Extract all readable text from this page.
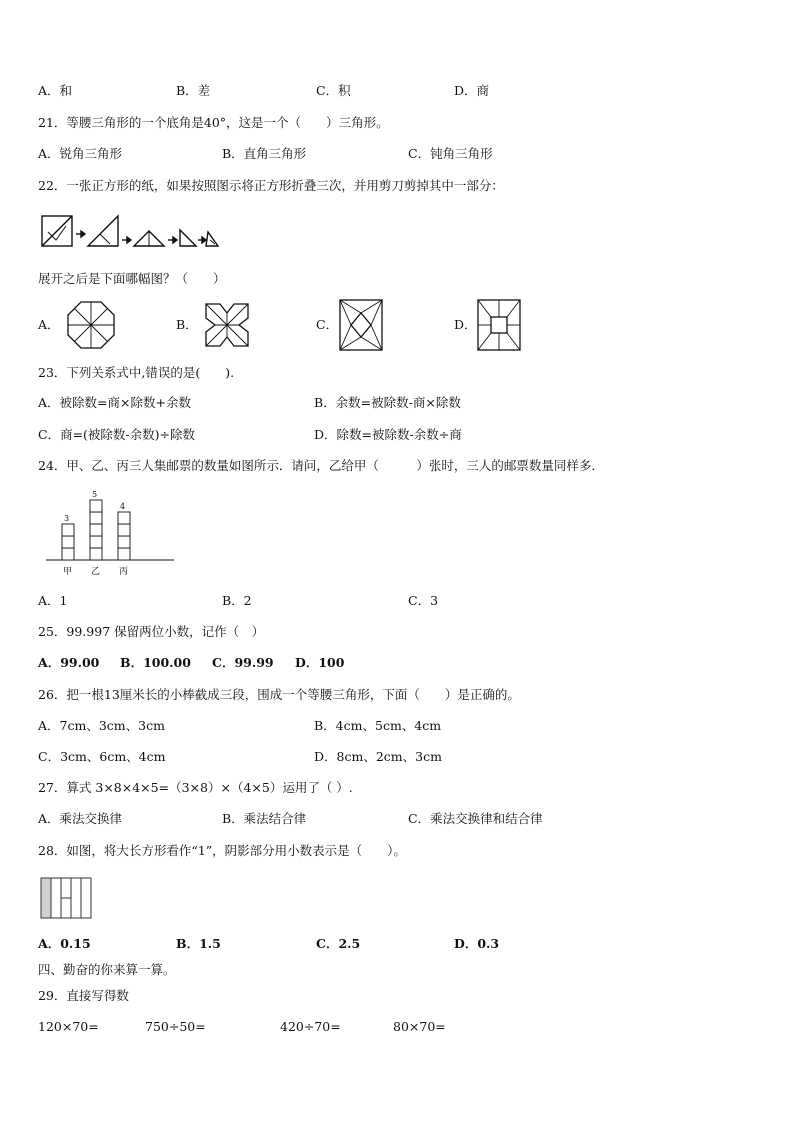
A．和	B．差	C．积	D．商
21．等腰三角形的一个底角是40°，这是一个（　　）三角形。
A．锐角三角形	B．直角三角形	C．钝角三角形
22．一张正方形的纸，如果按照图示将正方形折叠三次，并用剪刀剪掉其中一部分：
展开之后是下面哪幅图？（　　）
A．	B．	C．	D．
23．下列关系式中,错误的是(　　).
A．被除数=商×除数+余数	B．余数=被除数-商×除数
C．商=(被除数-余数)÷除数	D．除数=被除数-余数÷商
24．甲、乙、丙三人集邮票的数量如图所示．请问，乙给甲（　　　）张时，三人的邮票数量同样多．
3
甲
5
乙
4
丙
A．1	B．2	C．3
25．99.997 保留两位小数，记作（　）
A．99.00 B．100.00 C．99.99 D．100
26．把一根13厘米长的小棒截成三段，围成一个等腰三角形，下面（　　）是正确的。
A．7cm、3cm、3cm	B．4cm、5cm、4cm
C．3cm、6cm、4cm	D．8cm、2cm、3cm
27．算式 3×8×4×5=（3×8）×（4×5）运用了（ ）.
A．乘法交换律	B．乘法结合律	C．乘法交换律和结合律
28．如图，将大长方形看作“1”，阴影部分用小数表示是（　　）。
A．0.15	B．1.5	C．2.5	D．0.3
四、勤奋的你来算一算。
29．直接写得数
120×70=	750÷50=	420÷70=	80×70=
